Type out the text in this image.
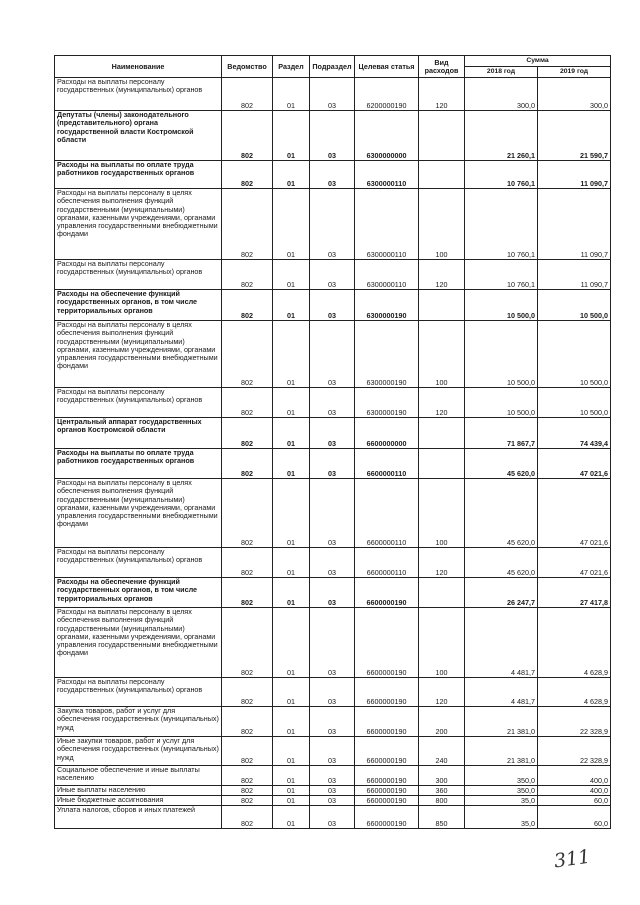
Наименование	Ведомство	Раздел	Подраздел	Целевая статья	Вид расходов	Сумма	
						2018 год	2019 год
Расходы на выплаты персоналу государственных (муниципальных) органов	802	01	03	6200000190	120	300,0	300,0
Депутаты (члены) законодательного (представительного) органа государственной власти Костромской области	802	01	03	6300000000		21 260,1	21 590,7
Расходы на выплаты по оплате труда работников государственных органов	802	01	03	6300000110		10 760,1	11 090,7
Расходы на выплаты персоналу в целях обеспечения выполнения функций государственными (муниципальными) органами, казенными учреждениями, органами управления государственными внебюджетными фондами	802	01	03	6300000110	100	10 760,1	11 090,7
Расходы на выплаты персоналу государственных (муниципальных) органов	802	01	03	6300000110	120	10 760,1	11 090,7
Расходы на обеспечение функций государственных органов, в том числе территориальных органов	802	01	03	6300000190		10 500,0	10 500,0
Расходы на выплаты персоналу в целях обеспечения выполнения функций государственными (муниципальными) органами, казенными учреждениями, органами управления государственными внебюджетными фондами	802	01	03	6300000190	100	10 500,0	10 500,0
Расходы на выплаты персоналу государственных (муниципальных) органов	802	01	03	6300000190	120	10 500,0	10 500,0
Центральный аппарат государственных органов Костромской области	802	01	03	6600000000		71 867,7	74 439,4
Расходы на выплаты по оплате труда работников государственных органов	802	01	03	6600000110		45 620,0	47 021,6
Расходы на выплаты персоналу в целях обеспечения выполнения функций государственными (муниципальными) органами, казенными учреждениями, органами управления государственными внебюджетными фондами	802	01	03	6600000110	100	45 620,0	47 021,6
Расходы на выплаты персоналу государственных (муниципальных) органов	802	01	03	6600000110	120	45 620,0	47 021,6
Расходы на обеспечение функций государственных органов, в том числе территориальных органов	802	01	03	6600000190		26 247,7	27 417,8
Расходы на выплаты персоналу в целях обеспечения выполнения функций государственными (муниципальными) органами, казенными учреждениями, органами управления государственными внебюджетными фондами	802	01	03	6600000190	100	4 481,7	4 628,9
Расходы на выплаты персоналу государственных (муниципальных) органов	802	01	03	6600000190	120	4 481,7	4 628,9
Закупка товаров, работ и услуг для обеспечения государственных (муниципальных) нужд	802	01	03	6600000190	200	21 381,0	22 328,9
Иные закупки товаров, работ и услуг для обеспечения государственных (муниципальных) нужд	802	01	03	6600000190	240	21 381,0	22 328,9
Социальное обеспечение и иные выплаты населению	802	01	03	6600000190	300	350,0	400,0
Иные выплаты населению	802	01	03	6600000190	360	350,0	400,0
Иные бюджетные ассигнования	802	01	03	6600000190	800	35,0	60,0
Уплата налогов, сборов и иных платежей	802	01	03	6600000190	850	35,0	60,0
311
